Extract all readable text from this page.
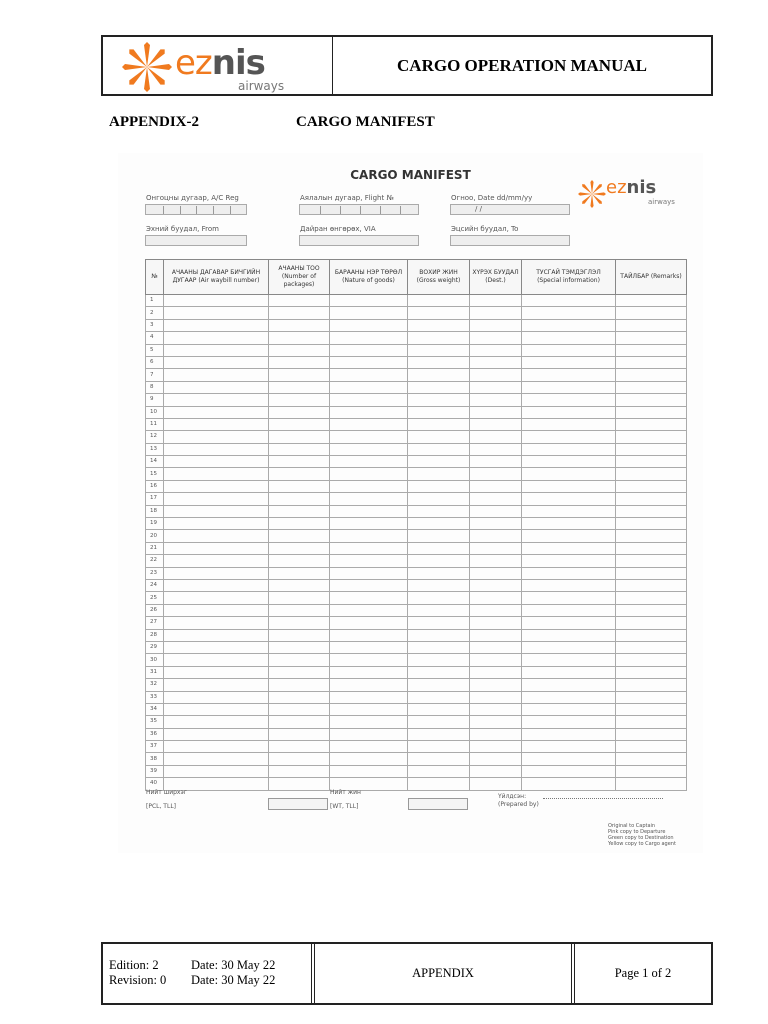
eznis
airways
CARGO OPERATION MANUAL
APPENDIX-2	CARGO MANIFEST
CARGO MANIFEST
eznis
airways
Онгоцны дугаар, A/C Reg	Аялалын дугаар, Flight №	Огноо, Date dd/mm/yy
/ /
Эхний буудал, From	Дайран өнгөрөх, VIA	Эцсийн буудал, To
№	АЧААНЫ ДАГАВАР БИЧГИЙН ДУГААР (Air waybill number)	АЧААНЫ ТОО (Number of packages)	БАРААНЫ НЭР ТӨРӨЛ (Nature of goods)	ВОХИР ЖИН (Gross weight)	ХҮРЭХ БУУДАЛ (Dest.)	ТУСГАЙ ТЭМДЭГЛЭЛ (Special information)	ТАЙЛБАР (Remarks)
1							
2							
3							
4							
5							
6							
7							
8							
9							
10							
11							
12							
13							
14							
15							
16							
17							
18							
19							
20							
21							
22							
23							
24							
25							
26							
27							
28							
29							
30							
31							
32							
33							
34							
35							
36							
37							
38							
39							
40							
Нийт ширхэг
[PCL, TLL]
Нийт жин
[WT, TLL]
Үйлдсэн:
(Prepared by)
Original to Captain
Pink copy to Departure
Green copy to Destination
Yellow copy to Cargo agent
Edition: 2	Date: 30 May 22
Revision: 0	Date: 30 May 22	APPENDIX	Page 1 of 2
